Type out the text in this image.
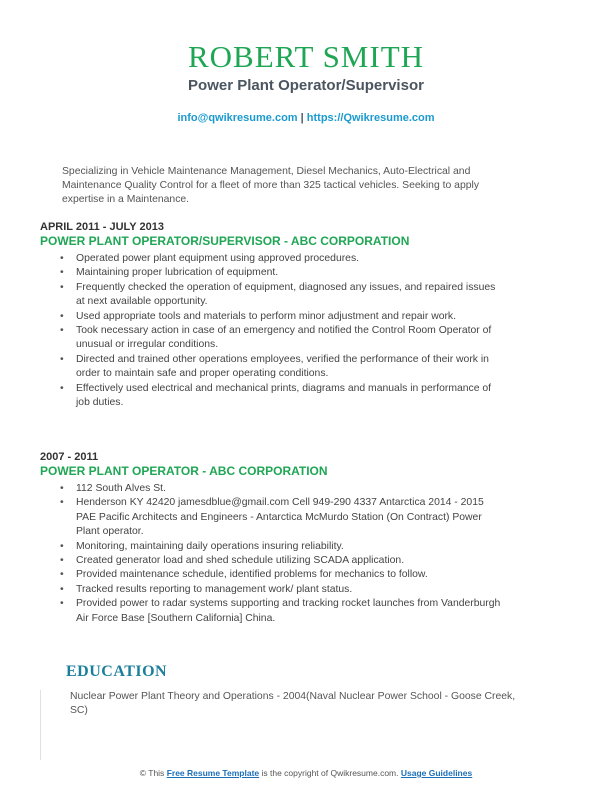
ROBERT SMITH
Power Plant Operator/Supervisor
info@qwikresume.com | https://Qwikresume.com
Specializing in Vehicle Maintenance Management, Diesel Mechanics, Auto-Electrical and Maintenance Quality Control for a fleet of more than 325 tactical vehicles. Seeking to apply expertise in a Maintenance.
APRIL 2011 - JULY 2013
POWER PLANT OPERATOR/SUPERVISOR - ABC CORPORATION
• Operated power plant equipment using approved procedures.
• Maintaining proper lubrication of equipment.
• Frequently checked the operation of equipment, diagnosed any issues, and repaired issues at next available opportunity.
• Used appropriate tools and materials to perform minor adjustment and repair work.
• Took necessary action in case of an emergency and notified the Control Room Operator of unusual or irregular conditions.
• Directed and trained other operations employees, verified the performance of their work in order to maintain safe and proper operating conditions.
• Effectively used electrical and mechanical prints, diagrams and manuals in performance of job duties.
2007 - 2011
POWER PLANT OPERATOR - ABC CORPORATION
• 112 South Alves St.
• Henderson KY 42420 jamesdblue@gmail.com Cell 949-290 4337 Antarctica 2014 - 2015 PAE Pacific Architects and Engineers - Antarctica McMurdo Station (On Contract) Power Plant operator.
• Monitoring, maintaining daily operations insuring reliability.
• Created generator load and shed schedule utilizing SCADA application.
• Provided maintenance schedule, identified problems for mechanics to follow.
• Tracked results reporting to management work/ plant status.
• Provided power to radar systems supporting and tracking rocket launches from Vanderburgh Air Force Base [Southern California] China.
EDUCATION
Nuclear Power Plant Theory and Operations - 2004(Naval Nuclear Power School - Goose Creek, SC)
© This Free Resume Template is the copyright of Qwikresume.com. Usage Guidelines
